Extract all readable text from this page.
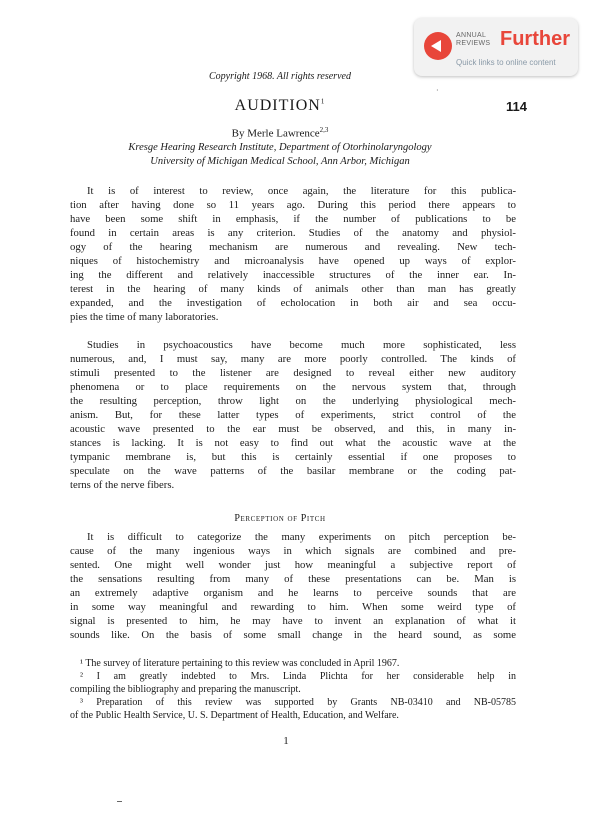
ANNUAL
REVIEWS Further
Quick links to online content
Copyright 1968. All rights reserved
·
$AUDITION^1$	114
By Merle Lawrence$^{2,3}$
Kresge Hearing Research Institute, Department of Otorhinolaryngology
University of Michigan Medical School, Ann Arbor, Michigan
It is of interest to review, once again, the literature for this publica-
tion after having done so 11 years ago. During this period there appears to
have been some shift in emphasis, if the number of publications to be
found in certain areas is any criterion. Studies of the anatomy and physiol-
ogy of the hearing mechanism are numerous and revealing. New tech-
niques of histochemistry and microanalysis have opened up ways of explor-
ing the different and relatively inaccessible structures of the inner ear. In-
terest in the hearing of many kinds of animals other than man has greatly
expanded, and the investigation of echolocation in both air and sea occu-
pies the time of many laboratories.
Studies in psychoacoustics have become much more sophisticated, less
numerous, and, I must say, many are more poorly controlled. The kinds of
stimuli presented to the listener are designed to reveal either new auditory
phenomena or to place requirements on the nervous system that, through
the resulting perception, throw light on the underlying physiological mech-
anism. But, for these latter types of experiments, strict control of the
acoustic wave presented to the ear must be observed, and this, in many in-
stances is lacking. It is not easy to find out what the acoustic wave at the
tympanic membrane is, but this is certainly essential if one proposes to
speculate on the wave patterns of the basilar membrane or the coding pat-
terns of the nerve fibers.
Perception of Pitch
It is difficult to categorize the many experiments on pitch perception be-
cause of the many ingenious ways in which signals are combined and pre-
sented. One might well wonder just how meaningful a subjective report of
the sensations resulting from many of these presentations can be. Man is
an extremely adaptive organism and he learns to perceive sounds that are
in some way meaningful and rewarding to him. When some weird type of
signal is presented to him, he may have to invent an explanation of what it
sounds like. On the basis of some small change in the heard sound, as some
¹ The survey of literature pertaining to this review was concluded in April 1967.
² I am greatly indebted to Mrs. Linda Plichta for her considerable help in
compiling the bibliography and preparing the manuscript.
³ Preparation of this review was supported by Grants NB-03410 and NB-05785
of the Public Health Service, U. S. Department of Health, Education, and Welfare.
1
